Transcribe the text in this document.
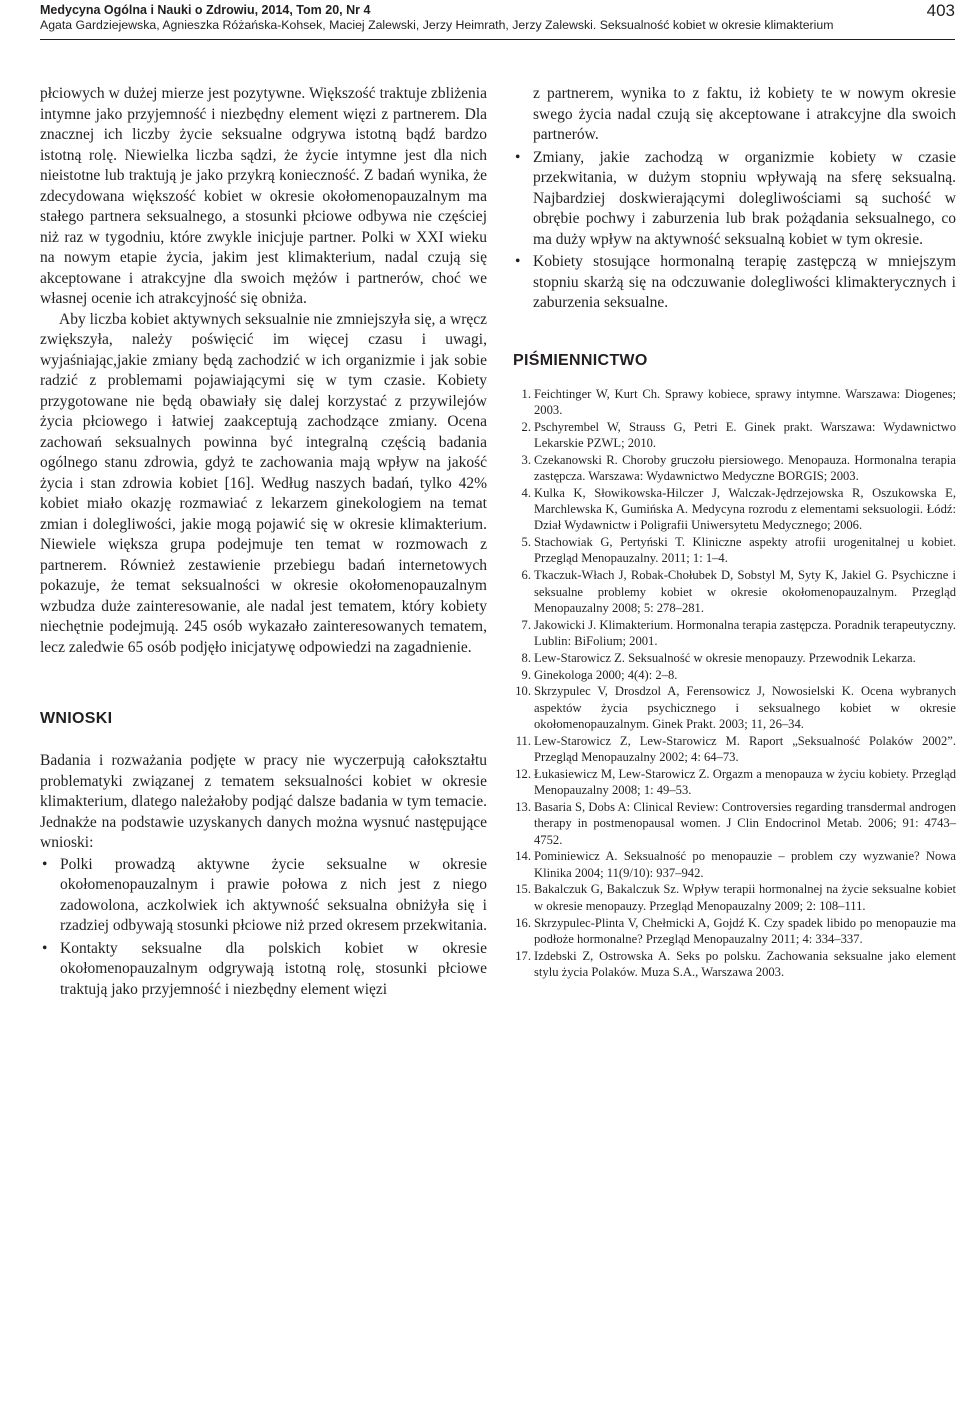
Medycyna Ogólna i Nauki o Zdrowiu, 2014, Tom 20, Nr 4
Agata Gardziejewska, Agnieszka Różańska-Kohsek, Maciej Zalewski, Jerzy Heimrath, Jerzy Zalewski. Seksualność kobiet w okresie klimakterium
403

płciowych w dużej mierze jest pozytywne. Większość traktuje zbliżenia intymne jako przyjemność i niezbędny element więzi z partnerem. Dla znacznej ich liczby życie seksualne odgrywa istotną bądź bardzo istotną rolę. Niewielka liczba sądzi, że życie intymne jest dla nich nieistotne lub traktują je jako przykrą konieczność. Z badań wynika, że zdecydowana większość kobiet w okresie okołomenopauzalnym ma stałego partnera seksualnego, a stosunki płciowe odbywa nie częściej niż raz w tygodniu, które zwykle inicjuje partner. Polki w XXI wieku na nowym etapie życia, jakim jest klimakterium, nadal czują się akceptowane i atrakcyjne dla swoich mężów i partnerów, choć we własnej ocenie ich atrakcyjność się obniża.

Aby liczba kobiet aktywnych seksualnie nie zmniejszyła się, a wręcz zwiększyła, należy poświęcić im więcej czasu i uwagi, wyjaśniając,jakie zmiany będą zachodzić w ich organizmie i jak sobie radzić z problemami pojawiającymi się w tym czasie. Kobiety przygotowane nie będą obawiały się dalej korzystać z przywilejów życia płciowego i łatwiej zaakceptują zachodzące zmiany. Ocena zachowań seksualnych powinna być integralną częścią badania ogólnego stanu zdrowia, gdyż te zachowania mają wpływ na jakość życia i stan zdrowia kobiet [16]. Według naszych badań, tylko 42% kobiet miało okazję rozmawiać z lekarzem ginekologiem na temat zmian i dolegliwości, jakie mogą pojawić się w okresie klimakterium. Niewiele większa grupa podejmuje ten temat w rozmowach z partnerem. Również zestawienie przebiegu badań internetowych pokazuje, że temat seksualności w okresie okołomenopauzalnym wzbudza duże zainteresowanie, ale nadal jest tematem, który kobiety niechętnie podejmują. 245 osób wykazało zainteresowanych tematem, lecz zaledwie 65 osób podjęło inicjatywę odpowiedzi na zagadnienie.

WNIOSKI

Badania i rozważania podjęte w pracy nie wyczerpują całokształtu problematyki związanej z tematem seksualności kobiet w okresie klimakterium, dlatego należałoby podjąć dalsze badania w tym temacie. Jednakże na podstawie uzyskanych danych można wysnuć następujące wnioski:

• Polki prowadzą aktywne życie seksualne w okresie okołomenopauzalnym i prawie połowa z nich jest z niego zadowolona, aczkolwiek ich aktywność seksualna obniżyła się i rzadziej odbywają stosunki płciowe niż przed okresem przekwitania.
• Kontakty seksualne dla polskich kobiet w okresie okołomenopauzalnym odgrywają istotną rolę, stosunki płciowe traktują jako przyjemność i niezbędny element więzi

z partnerem, wynika to z faktu, iż kobiety te w nowym okresie swego życia nadal czują się akceptowane i atrakcyjne dla swoich partnerów.

• Zmiany, jakie zachodzą w organizmie kobiety w czasie przekwitania, w dużym stopniu wpływają na sferę seksualną. Najbardziej doskwierającymi dolegliwościami są suchość w obrębie pochwy i zaburzenia lub brak pożądania seksualnego, co ma duży wpływ na aktywność seksualną kobiet w tym okresie.
• Kobiety stosujące hormonalną terapię zastępczą w mniejszym stopniu skarżą się na odczuwanie dolegliwości klimakterycznych i zaburzenia seksualne.
PIŚMIENNICTWO
1. Feichtinger W, Kurt Ch. Sprawy kobiece, sprawy intymne. Warszawa: Diogenes; 2003.
2. Pschyrembel W, Strauss G, Petri E. Ginek prakt. Warszawa: Wydawnictwo Lekarskie PZWL; 2010.
3. Czekanowski R. Choroby gruczołu piersiowego. Menopauza. Hormonalna terapia zastępcza. Warszawa: Wydawnictwo Medyczne BORGIS; 2003.
4. Kulka K, Słowikowska-Hilczer J, Walczak-Jędrzejowska R, Oszukowska E, Marchlewska K, Gumińska A. Medycyna rozrodu z elementami seksuologii. Łódź: Dział Wydawnictw i Poligrafii Uniwersytetu Medycznego; 2006.
5. Stachowiak G, Pertyński T. Kliniczne aspekty atrofii urogenitalnej u kobiet. Przegląd Menopauzalny. 2011; 1: 1–4.
6. Tkaczuk-Włach J, Robak-Chołubek D, Sobstyl M, Syty K, Jakiel G. Psychiczne i seksualne problemy kobiet w okresie okołomenopauzalnym. Przegląd Menopauzalny 2008; 5: 278–281.
7. Jakowicki J. Klimakterium. Hormonalna terapia zastępcza. Poradnik terapeutyczny. Lublin: BiFolium; 2001.
8. Lew-Starowicz Z. Seksualność w okresie menopauzy. Przewodnik Lekarza.
9. Ginekologa 2000; 4(4): 2–8.
10. Skrzypulec V, Drosdzol A, Ferensowicz J, Nowosielski K. Ocena wybranych aspektów życia psychicznego i seksualnego kobiet w okresie okołomenopauzalnym. Ginek Prakt. 2003; 11, 26–34.
11. Lew-Starowicz Z, Lew-Starowicz M. Raport „Seksualność Polaków 2002”. Przegląd Menopauzalny 2002; 4: 64–73.
12. Łukasiewicz M, Lew-Starowicz Z. Orgazm a menopauza w życiu kobiety. Przegląd Menopauzalny 2008; 1: 49–53.
13. Basaria S, Dobs A: Clinical Review: Controversies regarding transdermal androgen therapy in postmenopausal women. J Clin Endocrinol Metab. 2006; 91: 4743–4752.
14. Pominiewicz A. Seksualność po menopauzie – problem czy wyzwanie? Nowa Klinika 2004; 11(9/10): 937–942.
15. Bakalczuk G, Bakalczuk Sz. Wpływ terapii hormonalnej na życie seksualne kobiet w okresie menopauzy. Przegląd Menopauzalny 2009; 2: 108–111.
16. Skrzypulec-Plinta V, Chełmicki A, Gojdź K. Czy spadek libido po menopauzie ma podłoże hormonalne? Przegląd Menopauzalny 2011; 4: 334–337.
17. Izdebski Z, Ostrowska A. Seks po polsku. Zachowania seksualne jako element stylu życia Polaków. Muza S.A., Warszawa 2003.
